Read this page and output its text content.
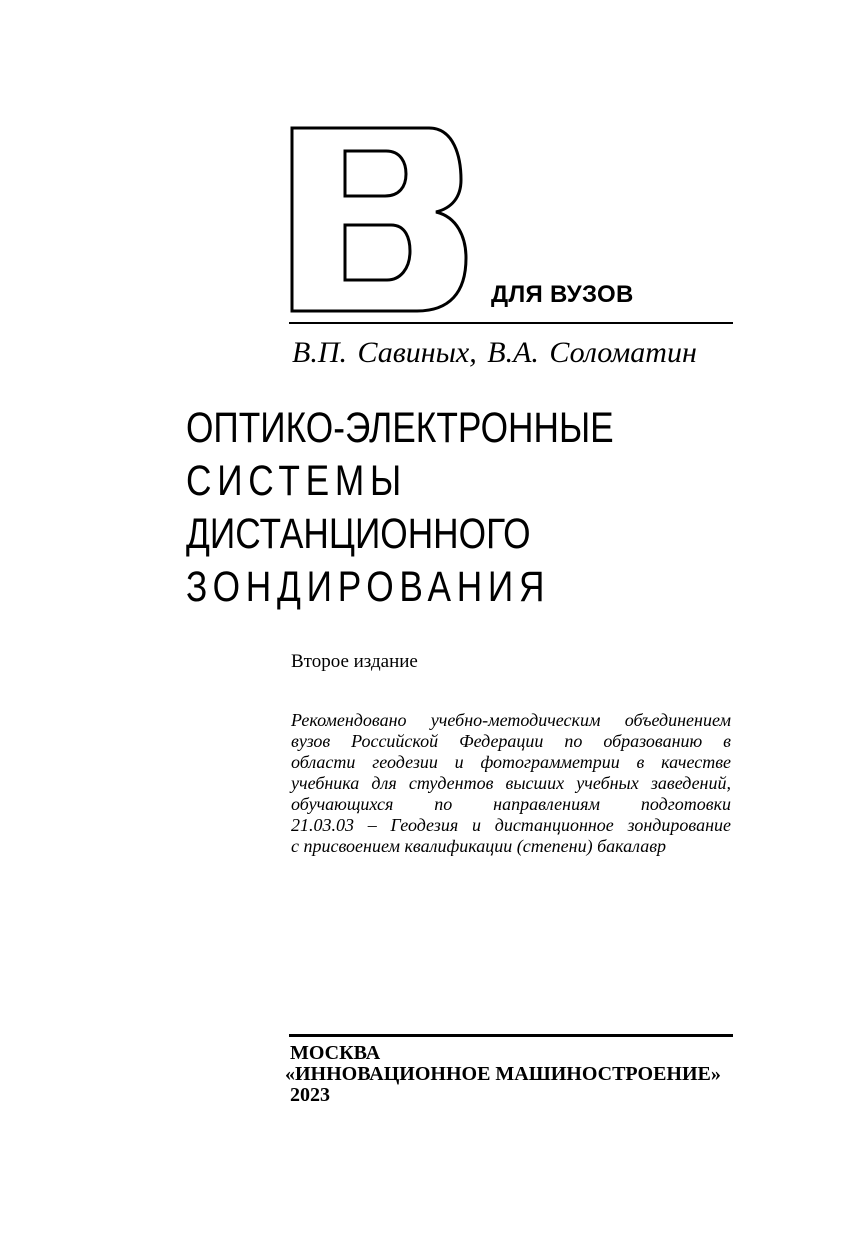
ДЛЯ ВУЗОВ
В.П. Савиных, В.А. Соломатин
ОПТИКО-ЭЛЕКТРОННЫЕ
СИСТЕМЫ
ДИСТАНЦИОННОГО
ЗОНДИРОВАНИЯ
Второе издание
Рекомендовано учебно-методическим объединением
вузов Российской Федерации по образованию в
области геодезии и фотограмметрии в качестве
учебника для студентов высших учебных заведений,
обучающихся по направлениям подготовки
21.03.03 – Геодезия и дистанционное зондирование
с присвоением квалификации (степени) бакалавр
МОСКВА
«ИННОВАЦИОННОЕ МАШИНОСТРОЕНИЕ»
2023
